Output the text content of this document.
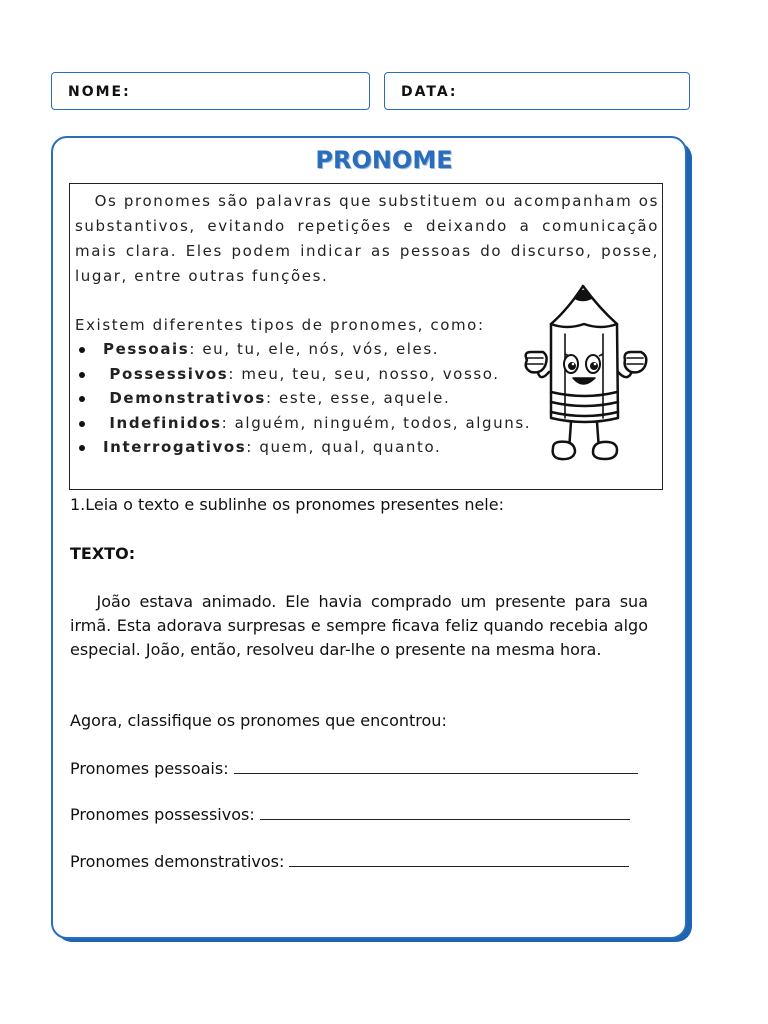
NOME:	DATA:
PRONOME

Os pronomes são palavras que substituem ou acompanham os substantivos, evitando repetições e deixando a comunicação mais clara. Eles podem indicar as pessoas do discurso, posse, lugar, entre outras funções.

Existem diferentes tipos de pronomes, como:

Pessoais: eu, tu, ele, nós, vós, eles.
Possessivos: meu, teu, seu, nosso, vosso.
Demonstrativos: este, esse, aquele.
Indefinidos: alguém, ninguém, todos, alguns.
Interrogativos: quem, qual, quanto.

1.Leia o texto e sublinhe os pronomes presentes nele:

TEXTO:

João estava animado. Ele havia comprado um presente para sua irmã. Esta adorava surpresas e sempre ficava feliz quando recebia algo especial. João, então, resolveu dar-lhe o presente na mesma hora.

Agora, classifique os pronomes que encontrou:

Pronomes pessoais:
Pronomes possessivos:
Pronomes demonstrativos:
